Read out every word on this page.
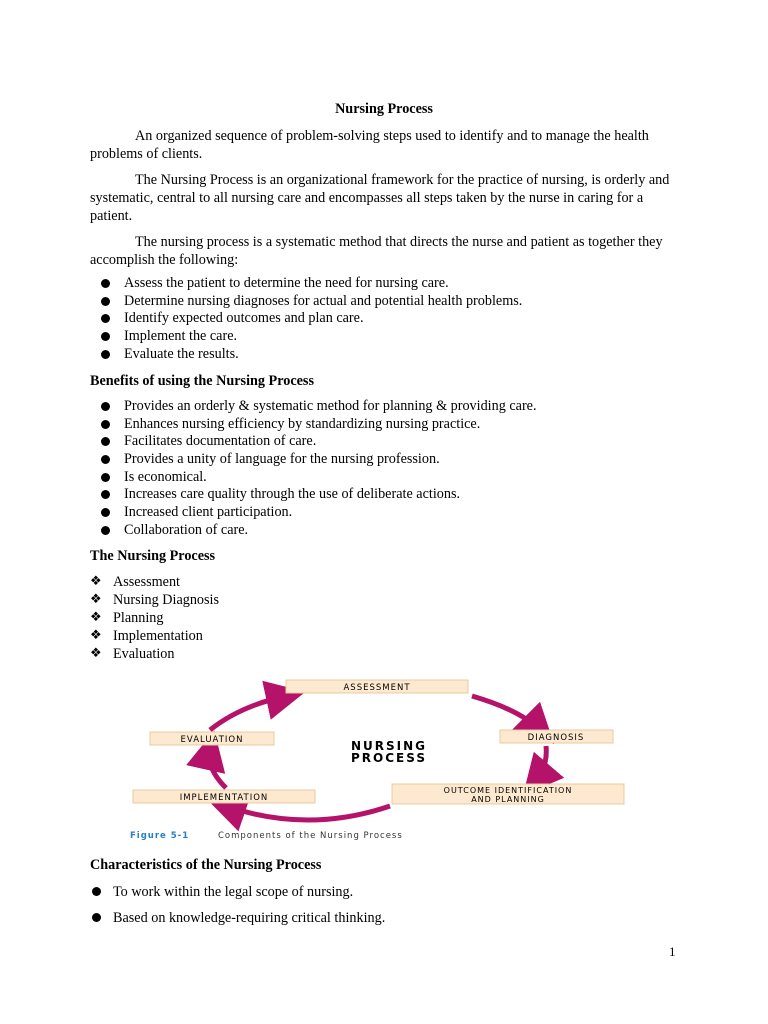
Nursing Process

An organized sequence of problem-solving steps used to identify and to manage the health problems of clients.

The Nursing Process is an organizational framework for the practice of nursing, is orderly and systematic, central to all nursing care and encompasses all steps taken by the nurse in caring for a patient.

The nursing process is a systematic method that directs the nurse and patient as together they accomplish the following:

Assess the patient to determine the need for nursing care.
Determine nursing diagnoses for actual and potential health problems.
Identify expected outcomes and plan care.
Implement the care.
Evaluate the results.
Benefits of using the Nursing Process
Provides an orderly & systematic method for planning & providing care.
Enhances nursing efficiency by standardizing nursing practice.
Facilitates documentation of care.
Provides a unity of language for the nursing profession.
Is economical.
Increases care quality through the use of deliberate actions.
Increased client participation.
Collaboration of care.
The Nursing Process
❖ Assessment
❖ Nursing Diagnosis
❖ Planning
❖ Implementation
❖ Evaluation
ASSESSMENT
DIAGNOSIS
OUTCOME IDENTIFICATION
AND PLANNING
IMPLEMENTATION
EVALUATION	NURSING
PROCESS
Figure 5-1	Components of the Nursing Process
Characteristics of the Nursing Process
To work within the legal scope of nursing.
Based on knowledge-requiring critical thinking.
1
